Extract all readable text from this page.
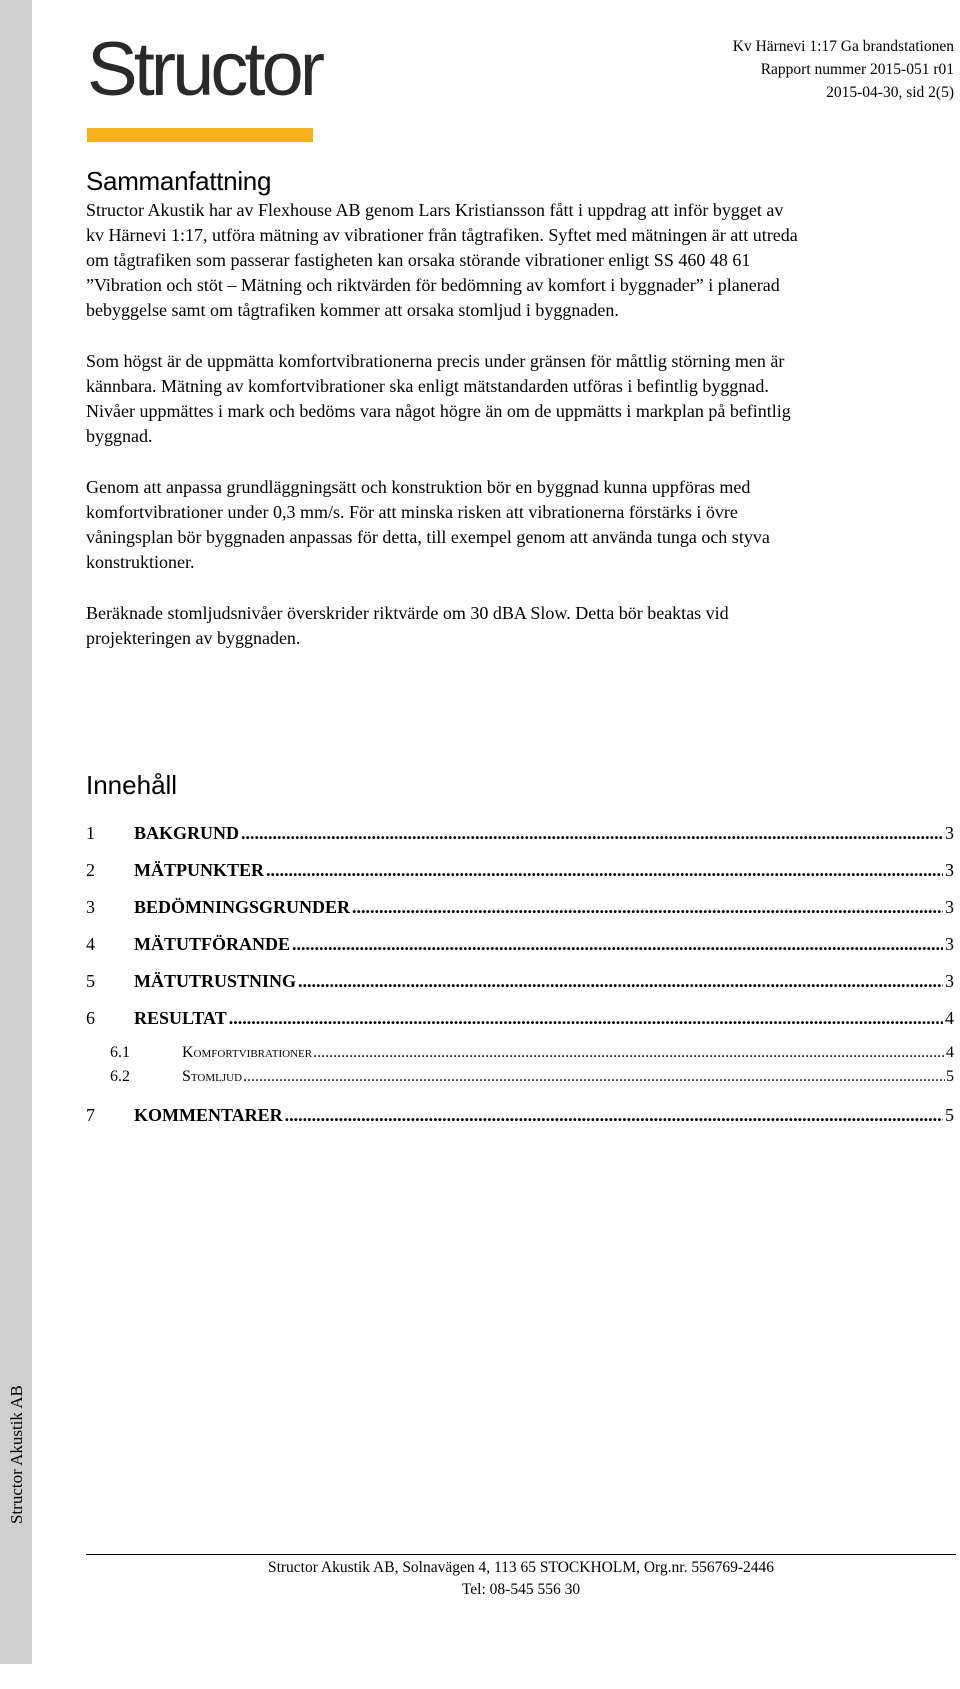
Structor Akustik AB
Structor	Kv Härnevi 1:17 Ga brandstationen
Rapport nummer 2015-051 r01
2015-04-30, sid 2(5)
Sammanfattning

Structor Akustik har av Flexhouse AB genom Lars Kristiansson fått i uppdrag att inför bygget av
kv Härnevi 1:17, utföra mätning av vibrationer från tågtrafiken. Syftet med mätningen är att utreda
om tågtrafiken som passerar fastigheten kan orsaka störande vibrationer enligt SS 460 48 61
”Vibration och stöt – Mätning och riktvärden för bedömning av komfort i byggnader” i planerad
bebyggelse samt om tågtrafiken kommer att orsaka stomljud i byggnaden.

Som högst är de uppmätta komfortvibrationerna precis under gränsen för måttlig störning men är
kännbara. Mätning av komfortvibrationer ska enligt mätstandarden utföras i befintlig byggnad.
Nivåer uppmättes i mark och bedöms vara något högre än om de uppmätts i markplan på befintlig
byggnad.

Genom att anpassa grundläggningsätt och konstruktion bör en byggnad kunna uppföras med
komfortvibrationer under 0,3 mm/s. För att minska risken att vibrationerna förstärks i övre
våningsplan bör byggnaden anpassas för detta, till exempel genom att använda tunga och styva
konstruktioner.

Beräknade stomljudsnivåer överskrider riktvärde om 30 dBA Slow. Detta bör beaktas vid
projekteringen av byggnaden.

Innehåll
1	BAKGRUND .....	3
2	MÄTPUNKTER .....	3
3	BEDÖMNINGSGRUNDER .....	3
4	MÄTUTFÖRANDE .....	3
5	MÄTUTRUSTNING .....	3
6	RESULTAT .....	4
6.1	Komfortvibrationer .....	4
6.2	Stomljud .....	5
7	KOMMENTARER .....	5
Structor Akustik AB, Solnavägen 4, 113 65 STOCKHOLM, Org.nr. 556769-2446
Tel: 08-545 556 30
